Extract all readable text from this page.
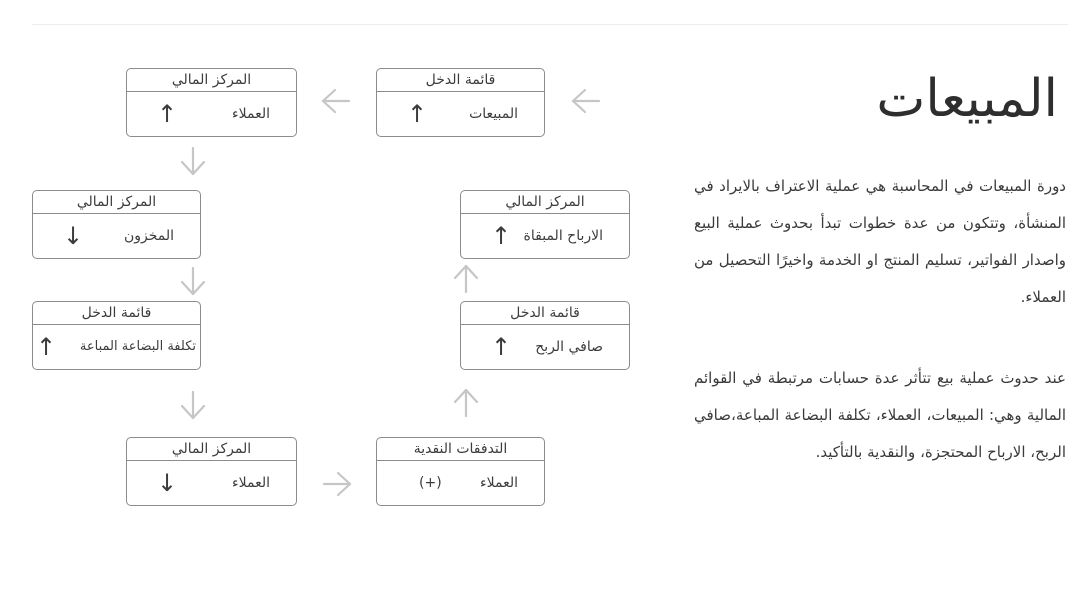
المبيعات

دورة المبيعات في المحاسبة هي عملية الاعتراف بالايراد في المنشأة، وتتكون من عدة خطوات تبدأ بحدوث عملية البيع واصدار الفواتير، تسليم المنتج او الخدمة واخيرًا التحصيل من العملاء.

عند حدوث عملية بيع تتأثر عدة حسابات مرتبطة في القوائم المالية وهي: المبيعات، العملاء، تكلفة البضاعة المباعة،صافي الربح، الارباح المحتجزة، والنقدية بالتأكيد.

قائمة الدخل
المبيعات
↑
المركز المالي
العملاء
↑
المركز المالي
المخزون
↓
قائمة الدخل
تكلفة البضاعة المباعة
↑
المركز المالي
العملاء
↓
التدفقات النقدية
العملاء
(+)
قائمة الدخل
صافي الربح
↑
المركز المالي
الارباح المبقاة
↑
